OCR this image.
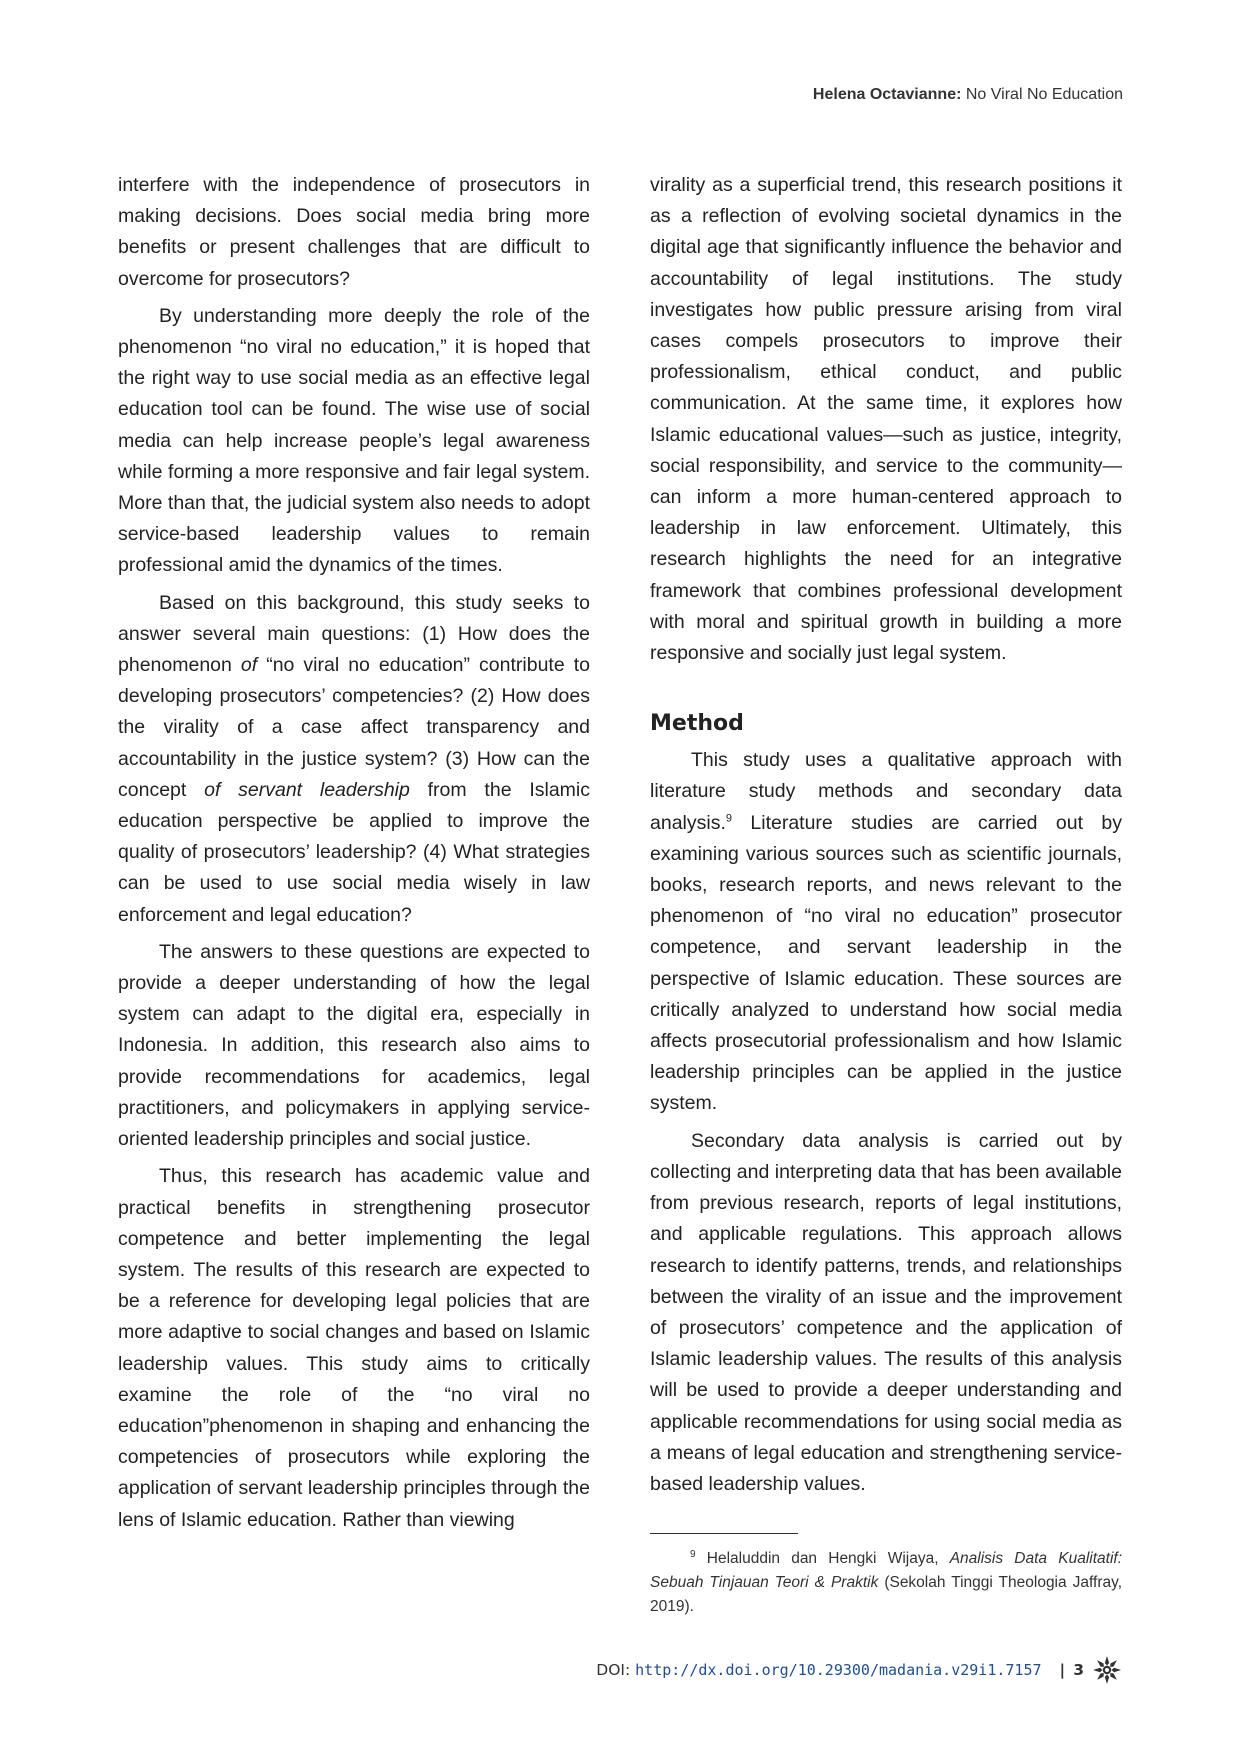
Helena Octavianne: No Viral No Education

interfere with the independence of prosecutors in making decisions. Does social media bring more benefits or present challenges that are difficult to overcome for prosecutors?

By understanding more deeply the role of the phenomenon “no viral no education,” it is hoped that the right way to use social media as an effective legal education tool can be found. The wise use of social media can help increase people’s legal awareness while forming a more responsive and fair legal system. More than that, the judicial system also needs to adopt service-based leadership values to remain professional amid the dynamics of the times.

Based on this background, this study seeks to answer several main questions: (1) How does the phenomenon of “no viral no education” contribute to developing prosecutors’ competencies? (2) How does the virality of a case affect transparency and accountability in the justice system? (3) How can the concept of servant leadership from the Islamic education perspective be applied to improve the quality of prosecutors’ leadership? (4) What strategies can be used to use social media wisely in law enforcement and legal education?

The answers to these questions are expected to provide a deeper understanding of how the legal system can adapt to the digital era, especially in Indonesia. In addition, this research also aims to provide recommendations for academics, legal practitioners, and policymakers in applying service-oriented leadership principles and social justice.

Thus, this research has academic value and practical benefits in strengthening prosecutor competence and better implementing the legal system. The results of this research are expected to be a reference for developing legal policies that are more adaptive to social changes and based on Islamic leadership values. This study aims to critically examine the role of the “no viral no education”phenomenon in shaping and enhancing the competencies of prosecutors while exploring the application of servant leadership principles through the lens of Islamic education. Rather than viewing

virality as a superficial trend, this research positions it as a reflection of evolving societal dynamics in the digital age that significantly influence the behavior and accountability of legal institutions. The study investigates how public pressure arising from viral cases compels prosecutors to improve their professionalism, ethical conduct, and public communication. At the same time, it explores how Islamic educational values—such as justice, integrity, social responsibility, and service to the community—can inform a more human-centered approach to leadership in law enforcement. Ultimately, this research highlights the need for an integrative framework that combines professional development with moral and spiritual growth in building a more responsive and socially just legal system.

Method

This study uses a qualitative approach with literature study methods and secondary data analysis.$^9$ Literature studies are carried out by examining various sources such as scientific journals, books, research reports, and news relevant to the phenomenon of “no viral no education” prosecutor competence, and servant leadership in the perspective of Islamic education. These sources are critically analyzed to understand how social media affects prosecutorial professionalism and how Islamic leadership principles can be applied in the justice system.

Secondary data analysis is carried out by collecting and interpreting data that has been available from previous research, reports of legal institutions, and applicable regulations. This approach allows research to identify patterns, trends, and relationships between the virality of an issue and the improvement of prosecutors’ competence and the application of Islamic leadership values. The results of this analysis will be used to provide a deeper understanding and applicable recommendations for using social media as a means of legal education and strengthening service-based leadership values.

$^9$ Helaluddin dan Hengki Wijaya, Analisis Data Kualitatif: Sebuah Tinjauan Teori & Praktik (Sekolah Tinggi Theologia Jaffray, 2019).
DOI:
http://dx.doi.org/10.29300/madania.v29i1.7157 | 3
